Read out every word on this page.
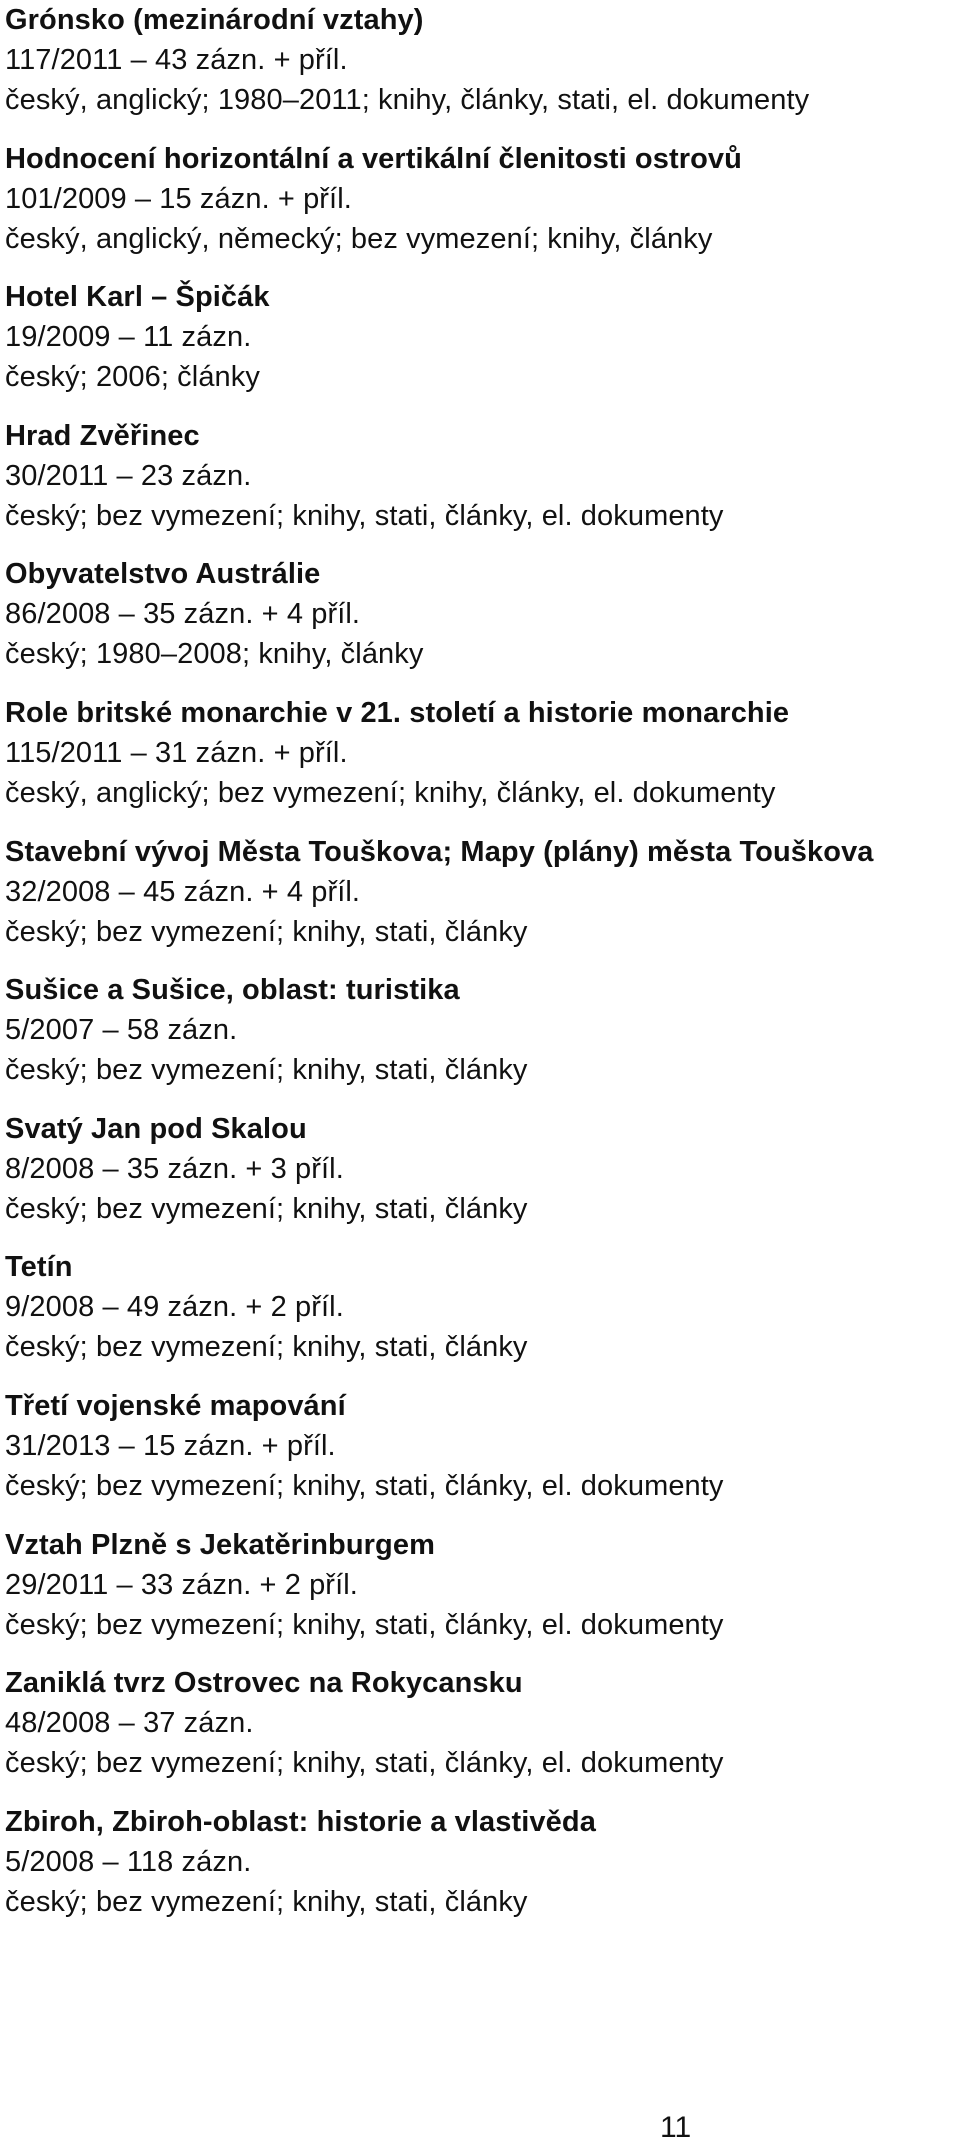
Grónsko (mezinárodní vztahy)
117/2011 – 43 zázn. + příl.
český, anglický; 1980–2011; knihy, články, stati, el. dokumenty
Hodnocení horizontální a vertikální členitosti ostrovů
101/2009 – 15 zázn. + příl.
český, anglický, německý; bez vymezení; knihy, články
Hotel Karl – Špičák
19/2009 – 11 zázn.
český; 2006; články
Hrad Zvěřinec
30/2011 – 23 zázn.
český; bez vymezení; knihy, stati, články, el. dokumenty
Obyvatelstvo Austrálie
86/2008 – 35 zázn. + 4 příl.
český; 1980–2008; knihy, články
Role britské monarchie v 21. století a historie monarchie
115/2011 – 31 zázn. + příl.
český, anglický; bez vymezení; knihy, články, el. dokumenty
Stavební vývoj Města Touškova; Mapy (plány) města Touškova
32/2008 – 45 zázn. + 4 příl.
český; bez vymezení; knihy, stati, články
Sušice a Sušice, oblast: turistika
5/2007 – 58 zázn.
český; bez vymezení; knihy, stati, články
Svatý Jan pod Skalou
8/2008 – 35 zázn. + 3 příl.
český; bez vymezení; knihy, stati, články
Tetín
9/2008 – 49 zázn. + 2 příl.
český; bez vymezení; knihy, stati, články
Třetí vojenské mapování
31/2013 – 15 zázn. + příl.
český; bez vymezení; knihy, stati, články, el. dokumenty
Vztah Plzně s Jekatěrinburgem
29/2011 – 33 zázn. + 2 příl.
český; bez vymezení; knihy, stati, články, el. dokumenty
Zaniklá tvrz Ostrovec na Rokycansku
48/2008 – 37 zázn.
český; bez vymezení; knihy, stati, články, el. dokumenty
Zbiroh, Zbiroh-oblast: historie a vlastivěda
5/2008 – 118 zázn.
český; bez vymezení; knihy, stati, články
11
